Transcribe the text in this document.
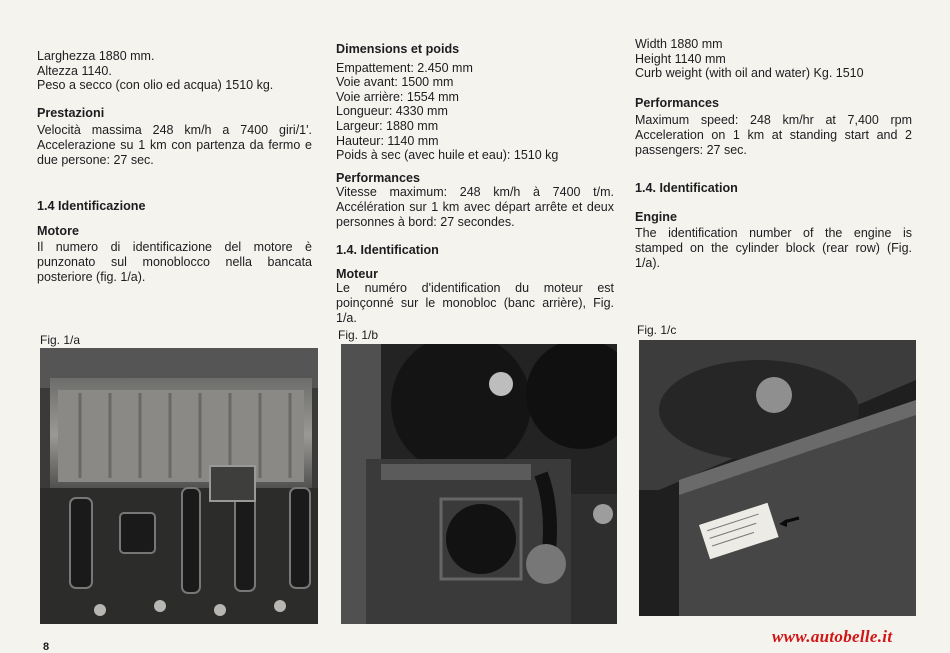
Larghezza 1880 mm.

Altezza 1140.

Peso a secco (con olio ed acqua) 1510 kg.

Prestazioni

Velocità massima 248 km/h a 7400 giri/1'. Accelerazione su 1 km con partenza da fermo e due persone: 27 sec.

1.4 Identificazione

Motore

Il numero di identificazione del motore è punzonato sul monoblocco nella bancata posteriore (fig. 1/a).

Fig. 1/a

Dimensions et poids

Empattement: 2.450 mm

Voie avant: 1500 mm

Voie arrière: 1554 mm

Longueur: 4330 mm

Largeur: 1880 mm

Hauteur: 1140 mm

Poids à sec (avec huile et eau): 1510 kg

Performances

Vitesse maximum: 248 km/h à 7400 t/m. Accélération sur 1 km avec départ arrête et deux personnes à bord: 27 secondes.

1.4. Identification

Moteur

Le numéro d'identification du moteur est poinçonné sur le monobloc (banc arrière), Fig. 1/a.

Fig. 1/b

Width 1880 mm

Height 1140 mm

Curb weight (with oil and water) Kg. 1510

Performances

Maximum speed: 248 km/hr at 7,400 rpm Acceleration on 1 km at standing start and 2 passengers: 27 sec.

1.4. Identification

Engine

The identification number of the engine is stamped on the cylinder block (rear row) (Fig. 1/a).

Fig. 1/c
8
www.autobelle.it
